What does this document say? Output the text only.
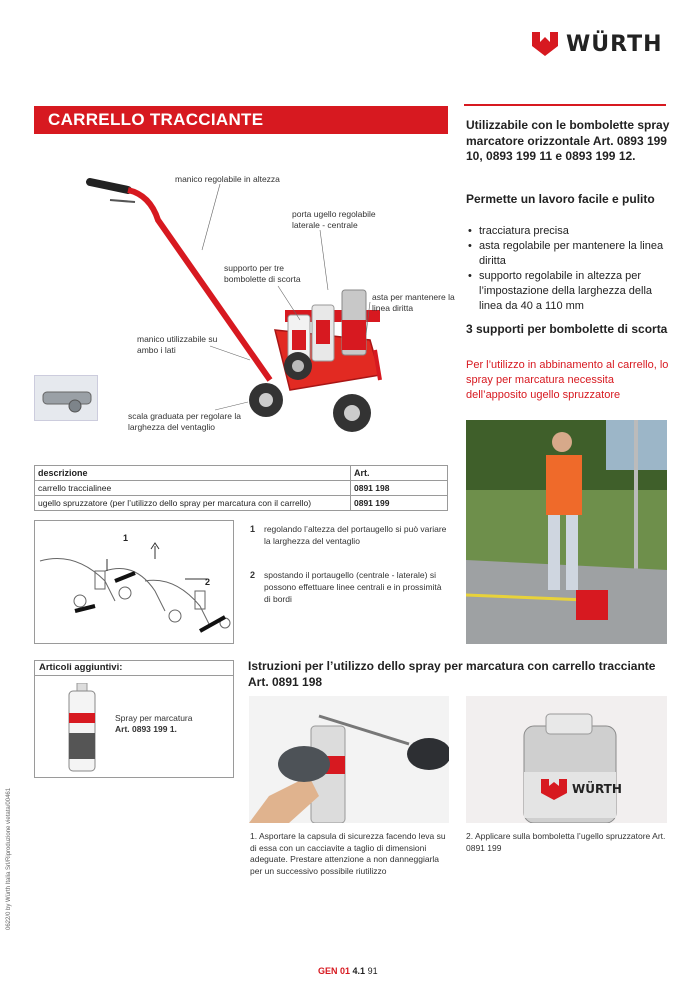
WÜRTH
CARRELLO TRACCIANTE	Utilizzabile con le bombolette spray marcatore orizzontale Art. 0893 199 10, 0893 199 11 e 0893 199 12.
Permette un lavoro facile e pulito
• tracciatura precisa
• asta regolabile per mantenere la linea diritta
• supporto regolabile in altezza per l’impostazione della larghezza della linea da 40 a 110 mm
3 supporti per bombolette di scorta
Per l’utilizzo in abbinamento al carrello, lo spray per marcatura necessita dell’apposito ugello spruzzatore
manico regolabile in altezza
porta ugello regolabile laterale - centrale
supporto per tre bombolette di scorta
asta per mantenere la linea diritta
manico utilizzabile su ambo i lati
scala graduata per regolare la larghezza del ventaglio
descrizione	Art.
carrello traccialinee	0891 198
ugello spruzzatore (per l’utilizzo dello spray per marcatura con il carrello)	0891 199
1
2
1	regolando l’altezza del portaugello si può variare la larghezza del ventaglio
2	spostando il portaugello (centrale - laterale) si possono effettuare linee centrali e in prossimità di bordi
Articoli aggiuntivi:
Spray per marcatura
Art. 0893 199 1.
Istruzioni per l’utilizzo dello spray per marcatura con carrello tracciante Art. 0891 198
WÜRTH
1. Asportare la capsula di sicurezza facendo leva su di essa con un cacciavite a taglio di dimensioni adeguate. Prestare attenzione a non danneggiarla per un successivo possibile riutilizzo
2. Applicare sulla bomboletta l’ugello spruzzatore Art. 0891 199
0622/0 by Würth Italia Srl/Riproduzione vietata/00461
GEN 01 4.1 91
